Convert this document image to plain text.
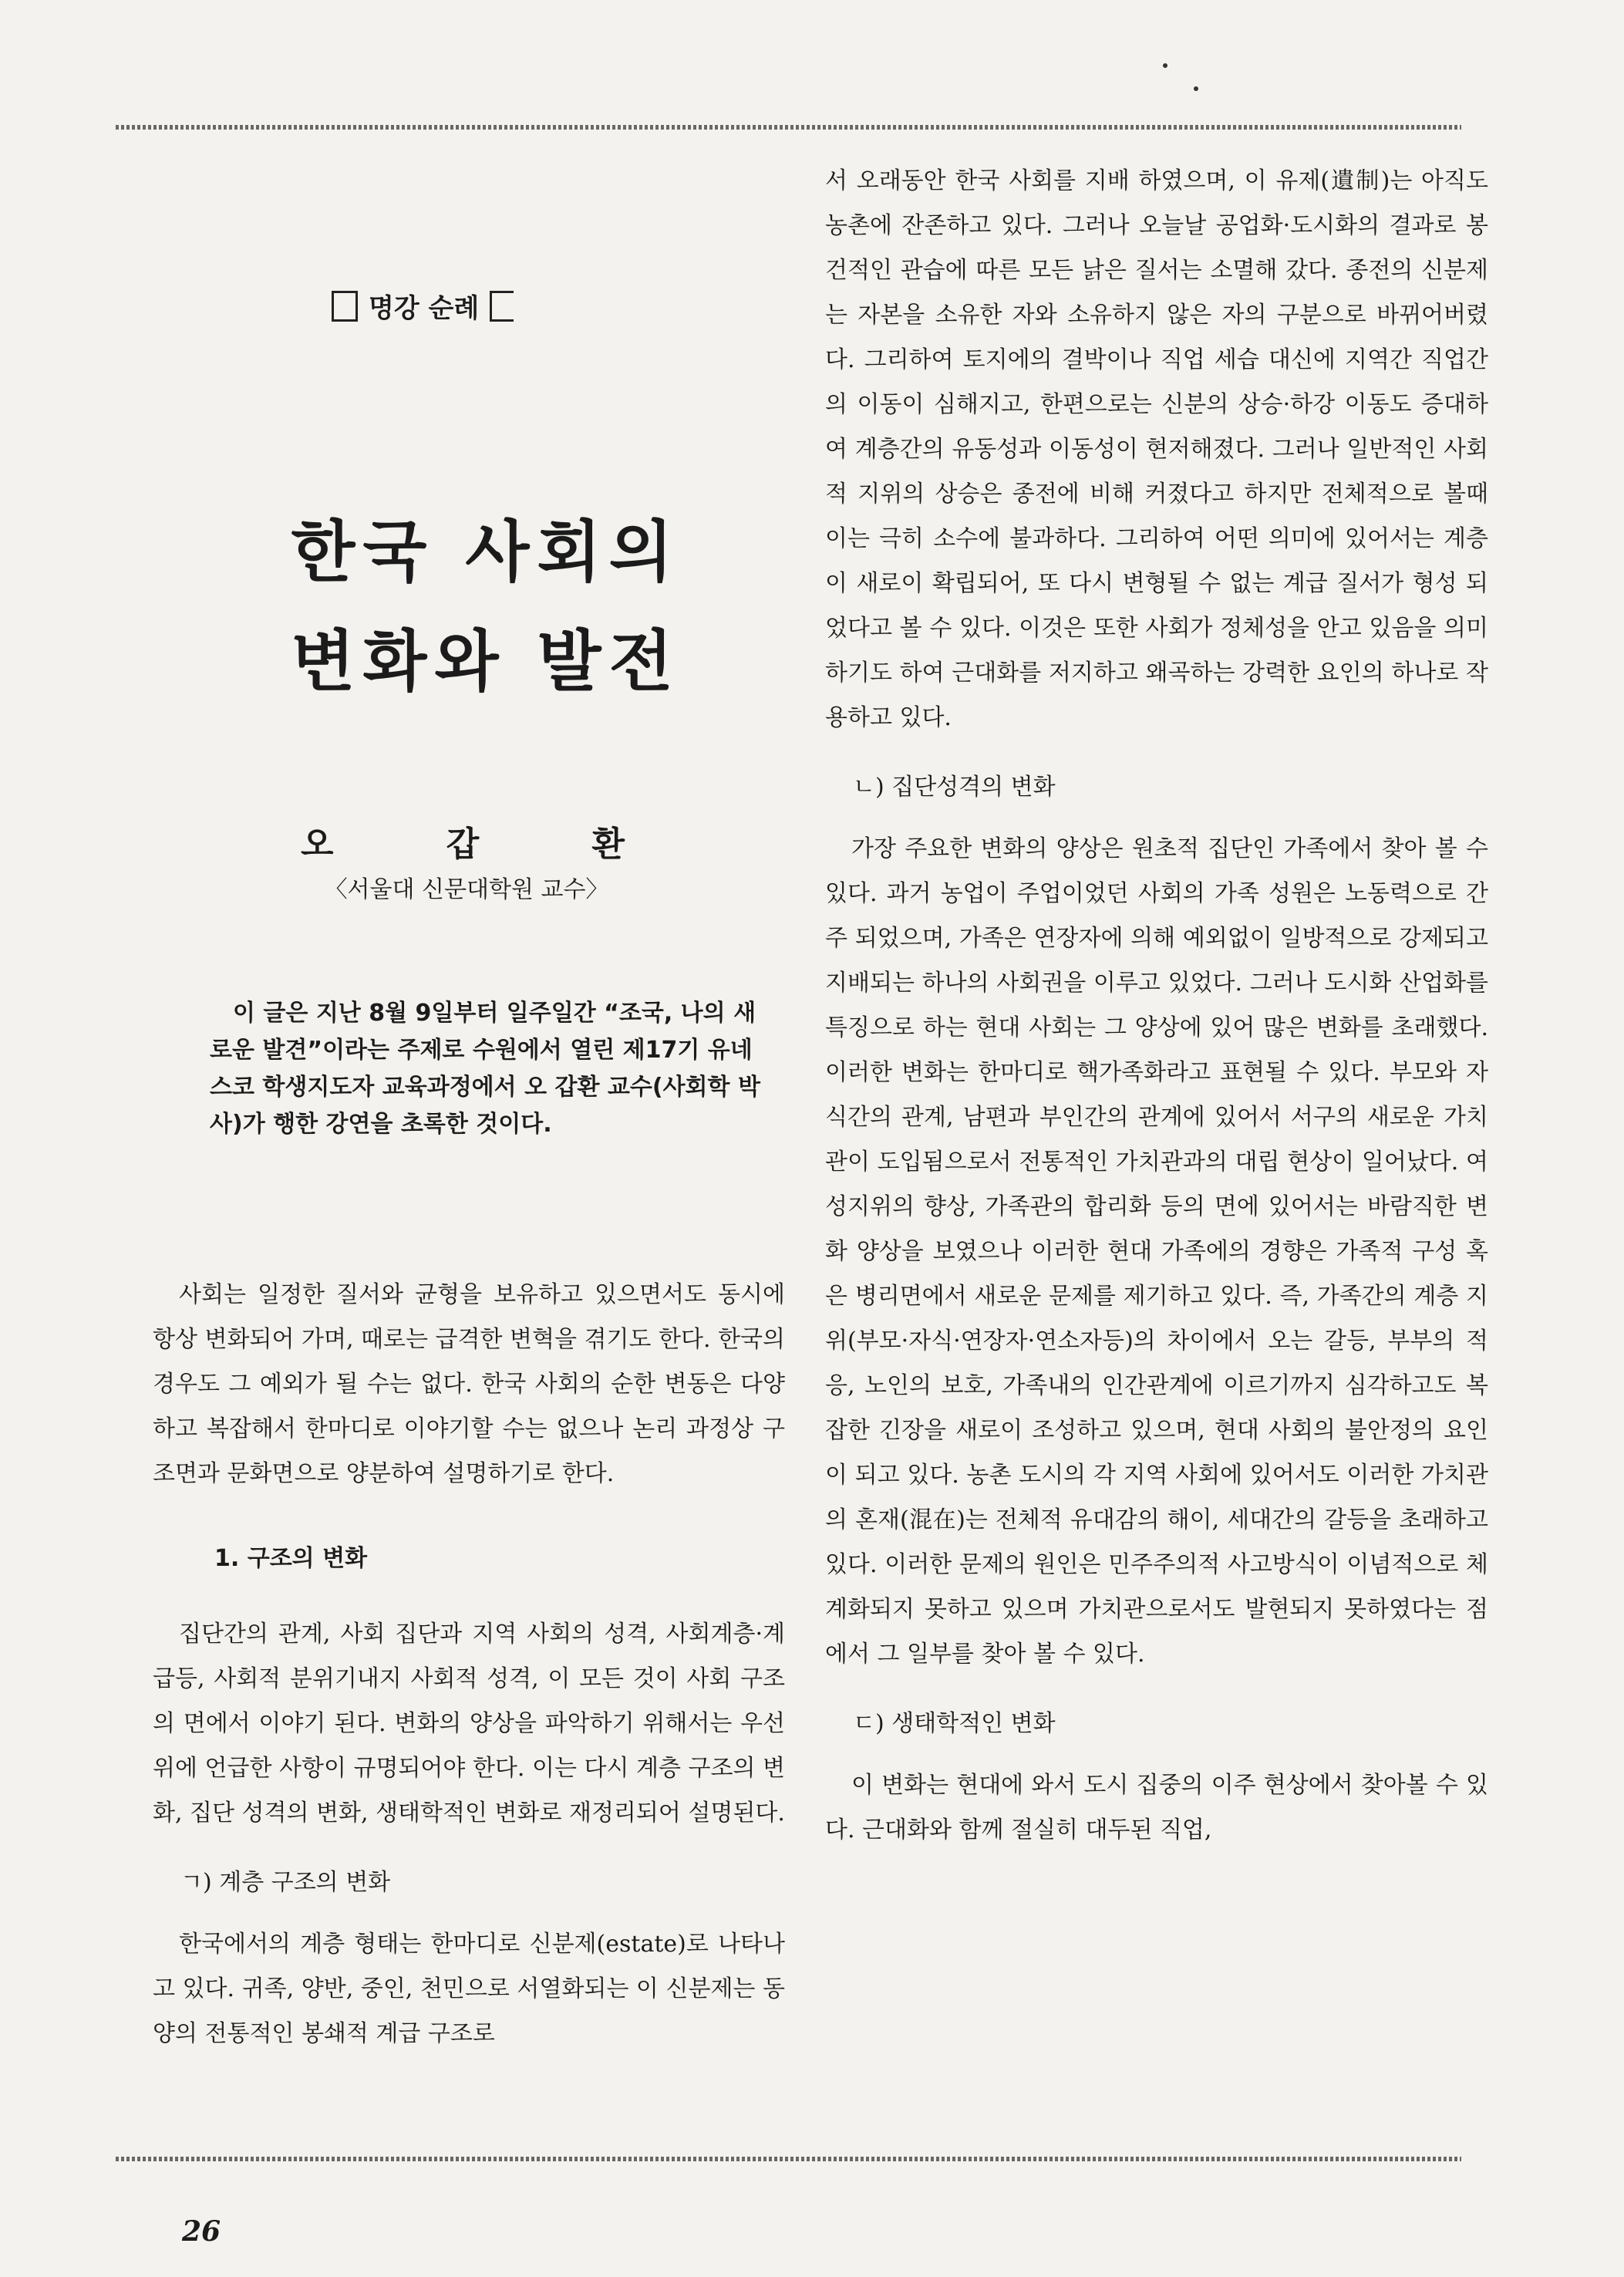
명강 순례
한국 사회의
변화와 발전
오	갑	환
〈서울대 신문대학원 교수〉

이 글은 지난 8월 9일부터 일주일간 “조국, 나의 새로운 발견”이라는 주제로 수원에서 열린 제17기 유네스코 학생지도자 교육과정에서 오 갑환 교수(사회학 박사)가 행한 강연을 초록한 것이다.

사회는 일정한 질서와 균형을 보유하고 있으면서도 동시에 항상 변화되어 가며, 때로는 급격한 변혁을 겪기도 한다. 한국의 경우도 그 예외가 될 수는 없다. 한국 사회의 순한 변동은 다양하고 복잡해서 한마디로 이야기할 수는 없으나 논리 과정상 구조면과 문화면으로 양분하여 설명하기로 한다.

1. 구조의 변화

집단간의 관계, 사회 집단과 지역 사회의 성격, 사회계층·계급등, 사회적 분위기내지 사회적 성격, 이 모든 것이 사회 구조의 면에서 이야기 된다. 변화의 양상을 파악하기 위해서는 우선 위에 언급한 사항이 규명되어야 한다. 이는 다시 계층 구조의 변화, 집단 성격의 변화, 생태학적인 변화로 재정리되어 설명된다.

ㄱ) 계층 구조의 변화

한국에서의 계층 형태는 한마디로 신분제(estate)로 나타나고 있다. 귀족, 양반, 중인, 천민으로 서열화되는 이 신분제는 동양의 전통적인 봉쇄적 계급 구조로

서 오래동안 한국 사회를 지배 하였으며, 이 유제(遺制)는 아직도 농촌에 잔존하고 있다. 그러나 오늘날 공업화·도시화의 결과로 봉건적인 관습에 따른 모든 낡은 질서는 소멸해 갔다. 종전의 신분제는 자본을 소유한 자와 소유하지 않은 자의 구분으로 바뀌어버렸다. 그리하여 토지에의 결박이나 직업 세습 대신에 지역간 직업간의 이동이 심해지고, 한편으로는 신분의 상승·하강 이동도 증대하여 계층간의 유동성과 이동성이 현저해졌다. 그러나 일반적인 사회적 지위의 상승은 종전에 비해 커졌다고 하지만 전체적으로 볼때 이는 극히 소수에 불과하다. 그리하여 어떤 의미에 있어서는 계층이 새로이 확립되어, 또 다시 변형될 수 없는 계급 질서가 형성 되었다고 볼 수 있다. 이것은 또한 사회가 정체성을 안고 있음을 의미하기도 하여 근대화를 저지하고 왜곡하는 강력한 요인의 하나로 작용하고 있다.

ㄴ) 집단성격의 변화

가장 주요한 변화의 양상은 원초적 집단인 가족에서 찾아 볼 수 있다. 과거 농업이 주업이었던 사회의 가족 성원은 노동력으로 간주 되었으며, 가족은 연장자에 의해 예외없이 일방적으로 강제되고 지배되는 하나의 사회권을 이루고 있었다. 그러나 도시화 산업화를 특징으로 하는 현대 사회는 그 양상에 있어 많은 변화를 초래했다. 이러한 변화는 한마디로 핵가족화라고 표현될 수 있다. 부모와 자식간의 관계, 남편과 부인간의 관계에 있어서 서구의 새로운 가치관이 도입됨으로서 전통적인 가치관과의 대립 현상이 일어났다. 여성지위의 향상, 가족관의 합리화 등의 면에 있어서는 바람직한 변화 양상을 보였으나 이러한 현대 가족에의 경향은 가족적 구성 혹은 병리면에서 새로운 문제를 제기하고 있다. 즉, 가족간의 계층 지위(부모·자식·연장자·연소자등)의 차이에서 오는 갈등, 부부의 적응, 노인의 보호, 가족내의 인간관계에 이르기까지 심각하고도 복잡한 긴장을 새로이 조성하고 있으며, 현대 사회의 불안정의 요인이 되고 있다. 농촌 도시의 각 지역 사회에 있어서도 이러한 가치관의 혼재(混在)는 전체적 유대감의 해이, 세대간의 갈등을 초래하고 있다. 이러한 문제의 원인은 민주주의적 사고방식이 이념적으로 체계화되지 못하고 있으며 가치관으로서도 발현되지 못하였다는 점에서 그 일부를 찾아 볼 수 있다.

ㄷ) 생태학적인 변화

이 변화는 현대에 와서 도시 집중의 이주 현상에서 찾아볼 수 있다. 근대화와 함께 절실히 대두된 직업,

26
